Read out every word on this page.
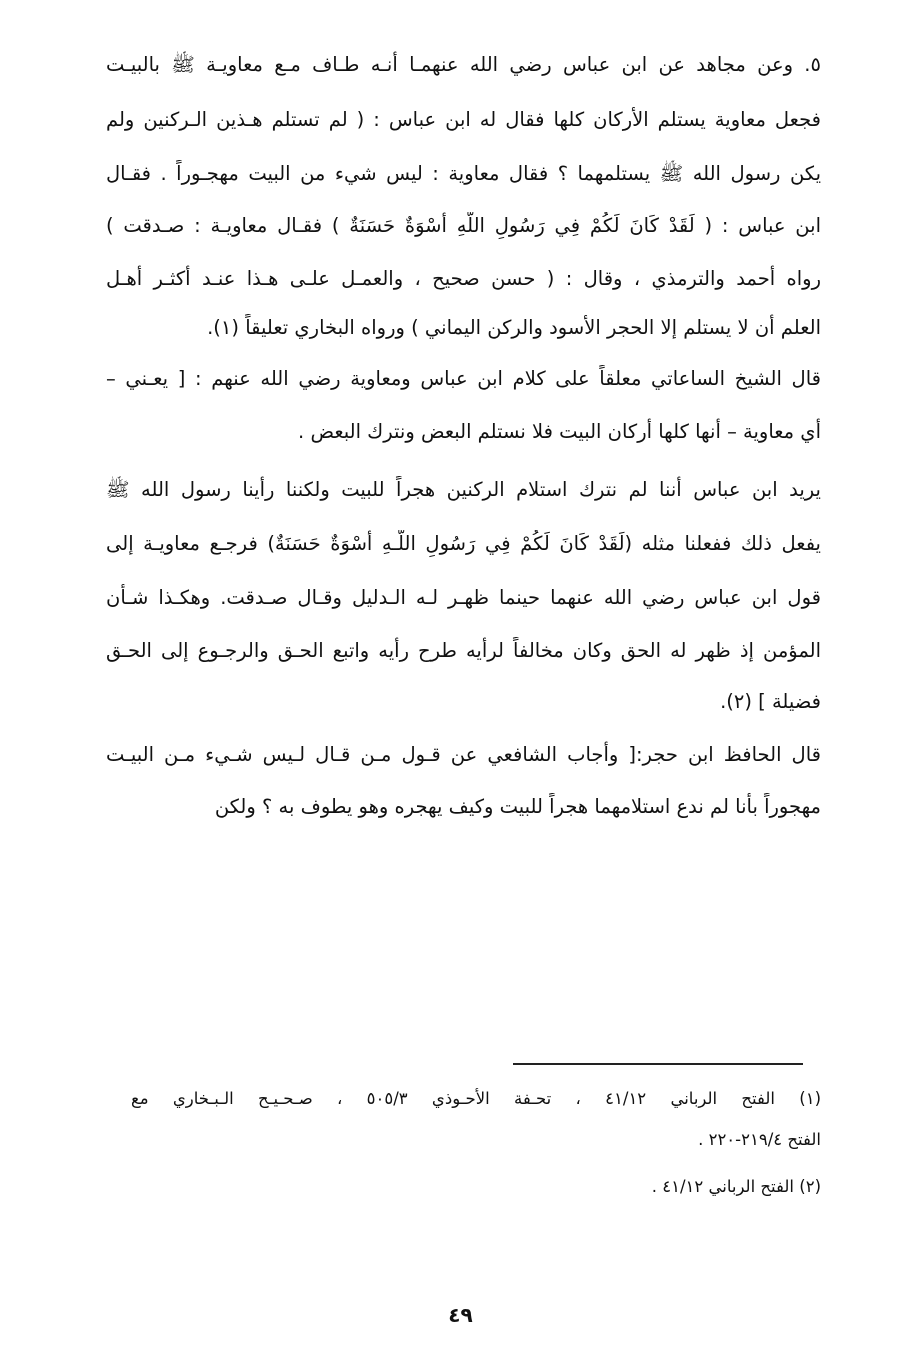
٥. وعن مجاهد عن ابن عباس رضي الله عنهمـا أنـه طـاف مـع معاويـة ﷺ بالبيـت
فجعل معاوية يستلم الأركان كلها فقال له ابن عباس : ( لم تستلم هـذين الـركنين ولم
يكن رسول الله ﷺ يستلمهما ؟ فقال معاوية : ليس شيء من البيت مهجـوراً . فقـال
ابن عباس : ( لَقَدْ كَانَ لَكُمْ فِي رَسُولِ اللَّهِ أُسْوَةٌ حَسَنَةٌ ) فقـال معاويـة : صـدقت )
رواه أحمد والترمذي ، وقال : ( حسن صحيح ، والعمـل علـى هـذا عنـد أكثـر أهـل
العلم أن لا يستلم إلا الحجر الأسود والركن اليماني ) ورواه البخاري تعليقاً (١).
قال الشيخ الساعاتي معلقاً على كلام ابن عباس ومعاوية رضي الله عنهم : [ يعـني –
أي معاوية – أنها كلها أركان البيت فلا نستلم البعض ونترك البعض .
يريد ابن عباس أننا لم نترك استلام الركنين هجراً للبيت ولكننا رأينا رسول الله ﷺ
يفعل ذلك ففعلنا مثله (لَقَدْ كَانَ لَكُمْ فِي رَسُولِ اللَّـهِ أُسْوَةٌ حَسَنَةٌ) فرجـع معاويـة إلى
قول ابن عباس رضي الله عنهما حينما ظهـر لـه الـدليل وقـال صـدقت. وهكـذا شـأن
المؤمن إذ ظهر له الحق وكان مخالفاً لرأيه طرح رأيه واتبع الحـق والرجـوع إلى الحـق
فضيلة ] (٢).
قال الحافظ ابن حجر:[ وأجاب الشافعي عن قـول مـن قـال لـيس شـيء مـن البيـت
مهجوراً بأنا لم ندع استلامهما هجراً للبيت وكيف يهجره وهو يطوف به ؟ ولكن
(١) الفتح الرباني ٤١/١٢ ، تحـفة الأحـوذي ٥٠٥/٣ ، صـحـيـح الـبـخاري مع
الفتح ٢١٩/٤-٢٢٠ .
(٢) الفتح الرباني ٤١/١٢ .
٤٩
